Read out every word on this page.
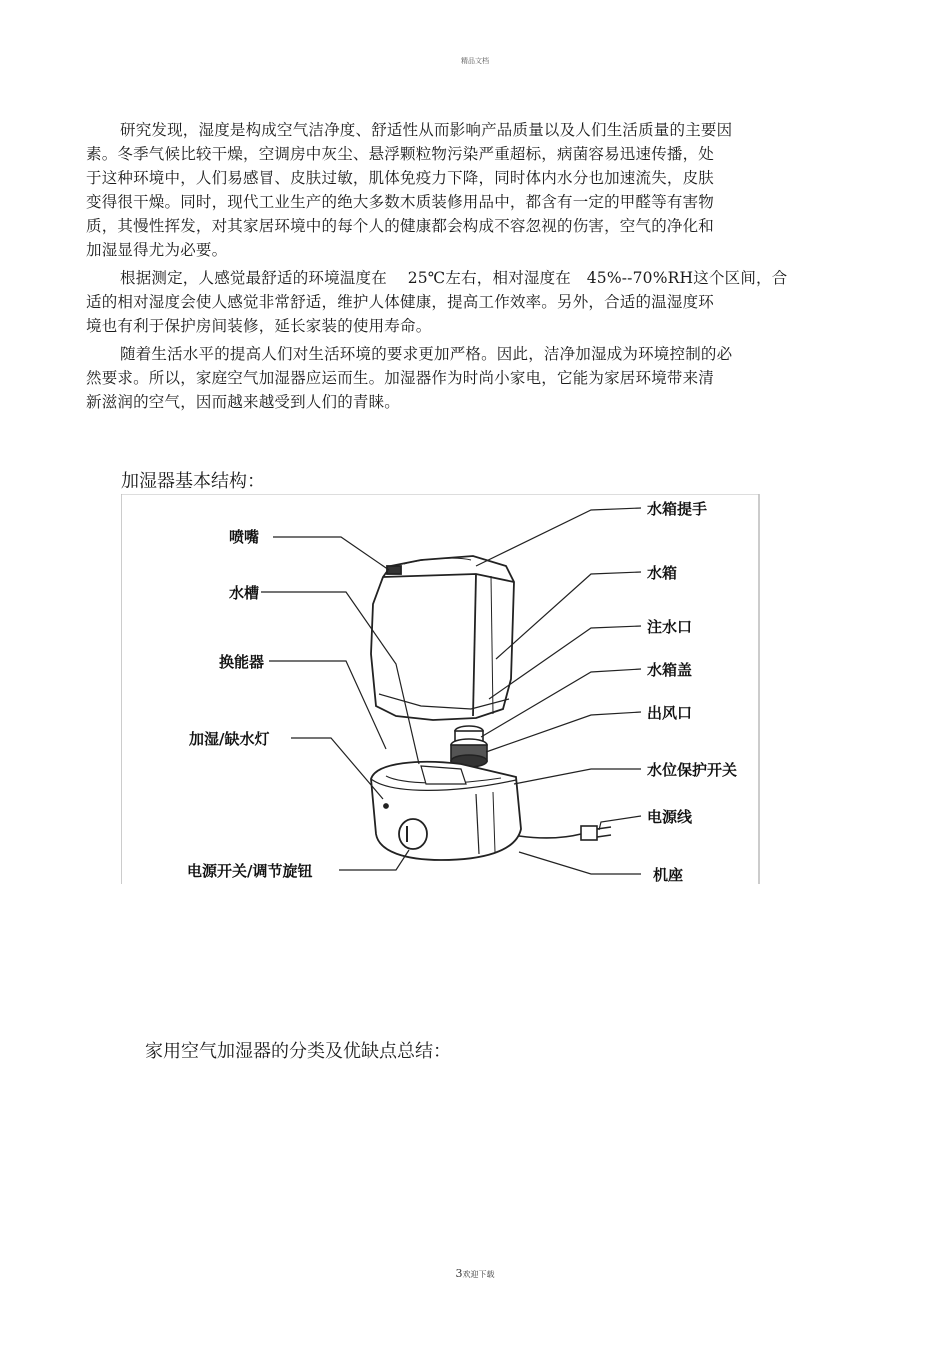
精品文档
研究发现，湿度是构成空气洁净度、舒适性从而影响产品质量以及人们生活质量的主要因
素。冬季气候比较干燥，空调房中灰尘、悬浮颗粒物污染严重超标，病菌容易迅速传播，处
于这种环境中，人们易感冒、皮肤过敏，肌体免疫力下降，同时体内水分也加速流失，皮肤
变得很干燥。同时，现代工业生产的绝大多数木质装修用品中，都含有一定的甲醛等有害物
质，其慢性挥发，对其家居环境中的每个人的健康都会构成不容忽视的伤害，空气的净化和
加湿显得尤为必要。
根据测定，人感觉最舒适的环境温度在　 25℃左右，相对湿度在　45%--70%RH这个区间，合
适的相对湿度会使人感觉非常舒适，维护人体健康，提高工作效率。另外，合适的温湿度环
境也有利于保护房间装修，延长家装的使用寿命。
随着生活水平的提高人们对生活环境的要求更加严格。因此，洁净加湿成为环境控制的必
然要求。所以，家庭空气加湿器应运而生。加湿器作为时尚小家电，它能为家居环境带来清
新滋润的空气，因而越来越受到人们的青睐。
加湿器基本结构：
喷嘴
水槽
换能器
加湿/缺水灯
电源开关/调节旋钮
水箱提手
水箱
注水口
水箱盖
出风口
水位保护开关
电源线
机座
家用空气加湿器的分类及优缺点总结：
3欢迎下载
